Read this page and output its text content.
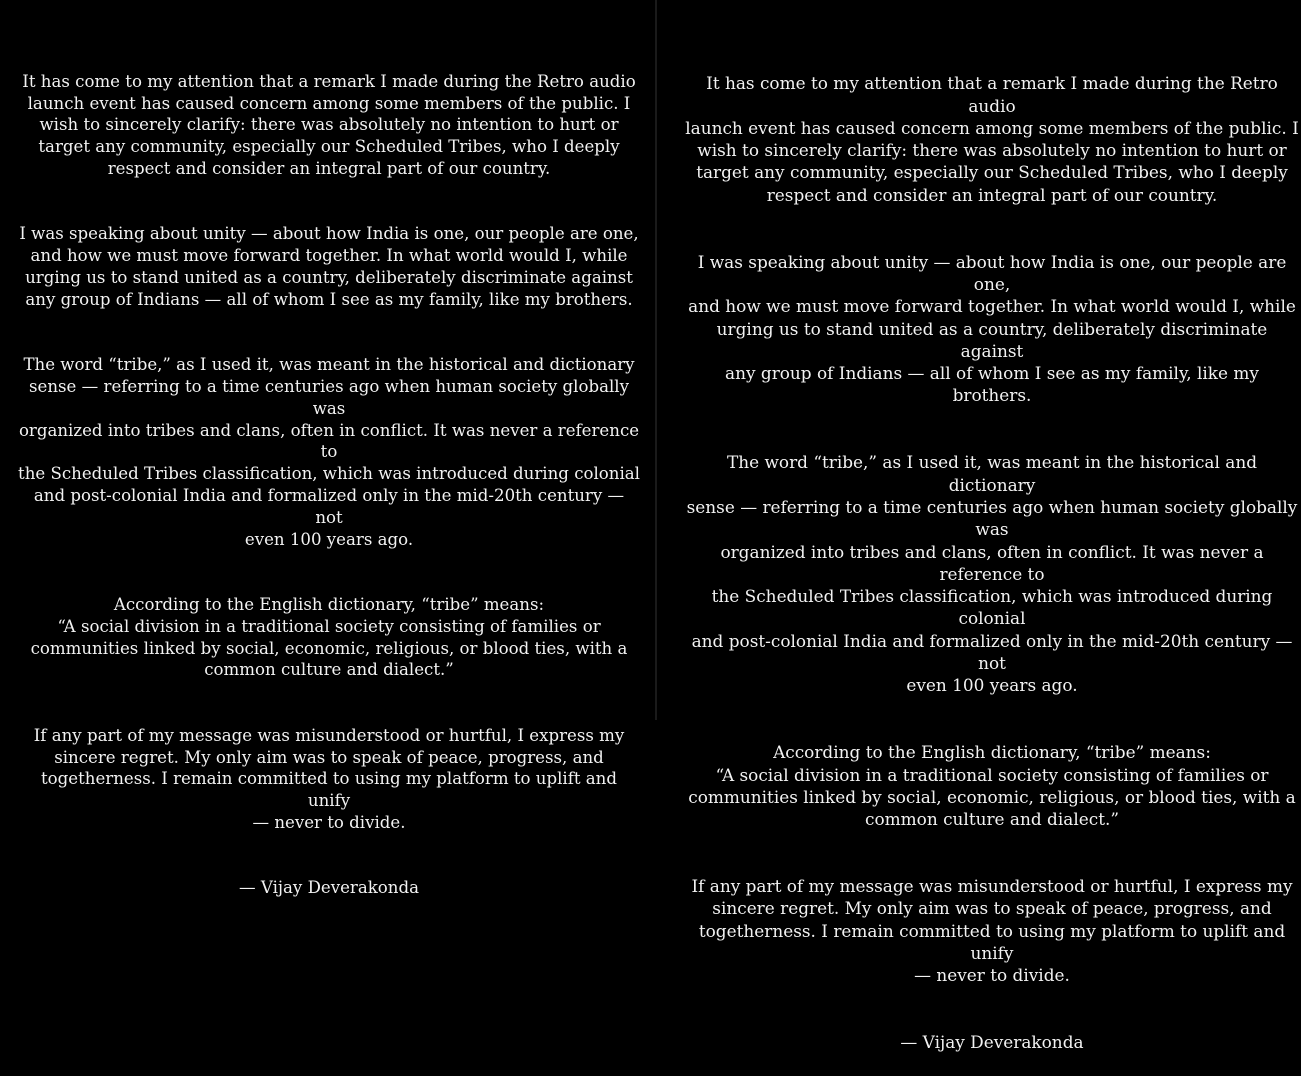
It has come to my attention that a remark I made during the Retro audio
launch event has caused concern among some members of the public. I
wish to sincerely clarify: there was absolutely no intention to hurt or
target any community, especially our Scheduled Tribes, who I deeply
respect and consider an integral part of our country.

I was speaking about unity — about how India is one, our people are one,
and how we must move forward together. In what world would I, while
urging us to stand united as a country, deliberately discriminate against
any group of Indians — all of whom I see as my family, like my brothers.

The word “tribe,” as I used it, was meant in the historical and dictionary
sense — referring to a time centuries ago when human society globally was
organized into tribes and clans, often in conflict. It was never a reference to
the Scheduled Tribes classification, which was introduced during colonial
and post-colonial India and formalized only in the mid-20th century — not
even 100 years ago.

According to the English dictionary, “tribe” means:
“A social division in a traditional society consisting of families or
communities linked by social, economic, religious, or blood ties, with a
common culture and dialect.”

If any part of my message was misunderstood or hurtful, I express my
sincere regret. My only aim was to speak of peace, progress, and
togetherness. I remain committed to using my platform to uplift and unify
— never to divide.

— Vijay Deverakonda

It has come to my attention that a remark I made during the Retro audio
launch event has caused concern among some members of the public. I
wish to sincerely clarify: there was absolutely no intention to hurt or
target any community, especially our Scheduled Tribes, who I deeply
respect and consider an integral part of our country.

I was speaking about unity — about how India is one, our people are one,
and how we must move forward together. In what world would I, while
urging us to stand united as a country, deliberately discriminate against
any group of Indians — all of whom I see as my family, like my brothers.

The word “tribe,” as I used it, was meant in the historical and dictionary
sense — referring to a time centuries ago when human society globally was
organized into tribes and clans, often in conflict. It was never a reference to
the Scheduled Tribes classification, which was introduced during colonial
and post-colonial India and formalized only in the mid-20th century — not
even 100 years ago.

According to the English dictionary, “tribe” means:
“A social division in a traditional society consisting of families or
communities linked by social, economic, religious, or blood ties, with a
common culture and dialect.”

If any part of my message was misunderstood or hurtful, I express my
sincere regret. My only aim was to speak of peace, progress, and
togetherness. I remain committed to using my platform to uplift and unify
— never to divide.

— Vijay Deverakonda
